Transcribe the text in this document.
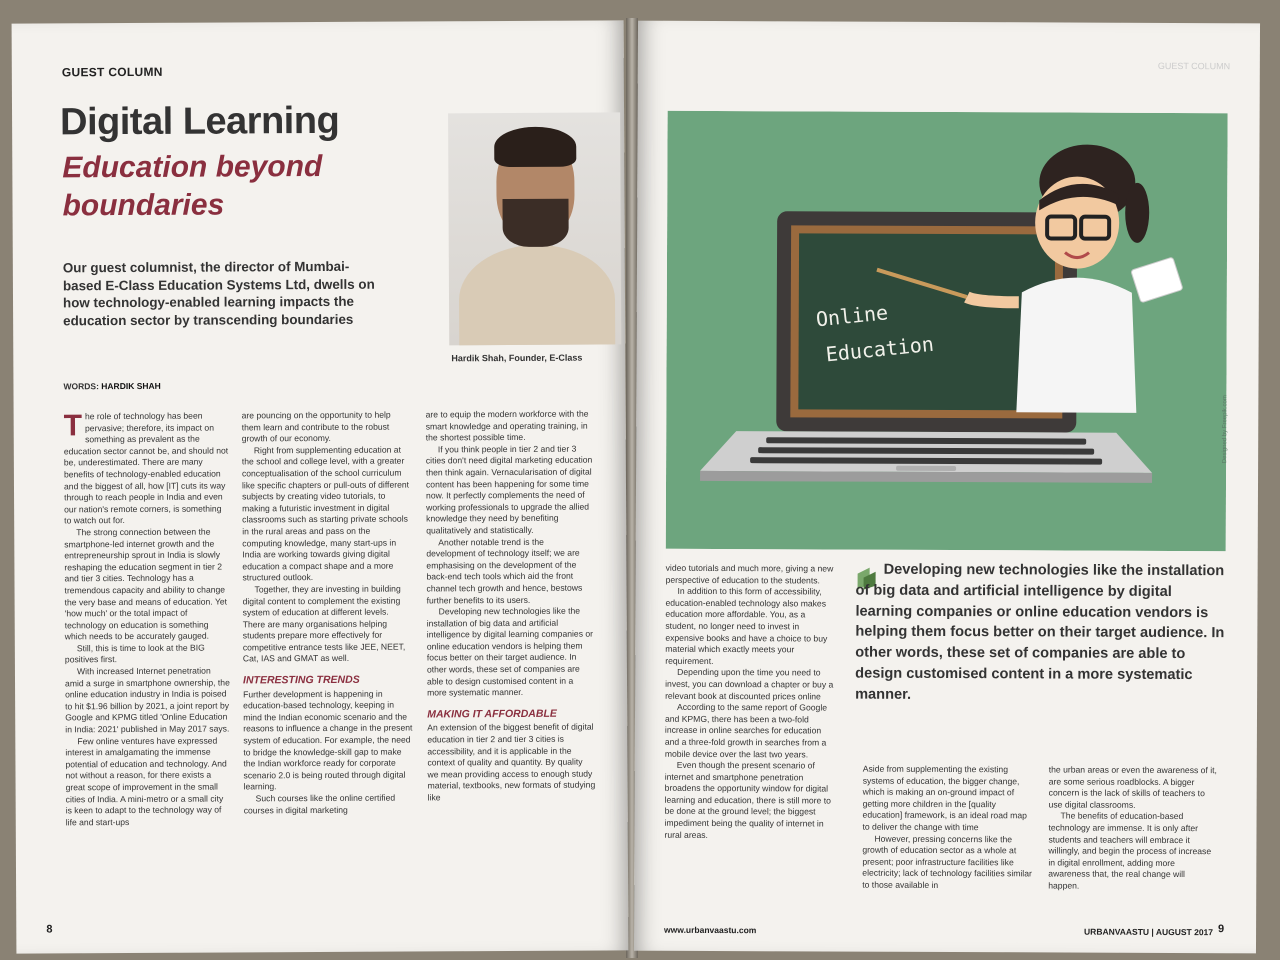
GUEST COLUMN
Digital Learning
Education beyond boundaries
Our guest columnist, the director of Mumbai-based E-Class Education Systems Ltd, dwells on how technology-enabled learning impacts the education sector by transcending boundaries
Hardik Shah, Founder, E-Class
WORDS: HARDIK SHAH

The role of technology has been pervasive; therefore, its impact on something as prevalent as the education sector cannot be, and should not be, underestimated. There are many benefits of technology-enabled education and the biggest of all, how [IT] cuts its way through to reach people in India and even our nation's remote corners, is something to watch out for.

The strong connection between the smartphone-led internet growth and the entrepreneurship sprout in India is slowly reshaping the education segment in tier 2 and tier 3 cities. Technology has a tremendous capacity and ability to change the very base and means of education. Yet 'how much' or the total impact of technology on education is something which needs to be accurately gauged.

Still, this is time to look at the BIG positives first.

With increased Internet penetration amid a surge in smartphone ownership, the online education industry in India is poised to hit $1.96 billion by 2021, a joint report by Google and KPMG titled 'Online Education in India: 2021' published in May 2017 says.

Few online ventures have expressed interest in amalgamating the immense potential of education and technology. And not without a reason, for there exists a great scope of improvement in the small cities of India. A mini-metro or a small city is keen to adapt to the technology way of life and start-ups

are pouncing on the opportunity to help them learn and contribute to the robust growth of our economy.

Right from supplementing education at the school and college level, with a greater conceptualisation of the school curriculum like specific chapters or pull-outs of different subjects by creating video tutorials, to making a futuristic investment in digital classrooms such as starting private schools in the rural areas and pass on the computing knowledge, many start-ups in India are working towards giving digital education a compact shape and a more structured outlook.

Together, they are investing in building digital content to complement the existing system of education at different levels. There are many organisations helping students prepare more effectively for competitive entrance tests like JEE, NEET, Cat, IAS and GMAT as well.

INTERESTING TRENDS

Further development is happening in education-based technology, keeping in mind the Indian economic scenario and the reasons to influence a change in the present system of education. For example, the need to bridge the knowledge-skill gap to make the Indian workforce ready for corporate scenario 2.0 is being routed through digital learning.

Such courses like the online certified courses in digital marketing

are to equip the modern workforce with the smart knowledge and operating training, in the shortest possible time.

If you think people in tier 2 and tier 3 cities don't need digital marketing education then think again. Vernacularisation of digital content has been happening for some time now. It perfectly complements the need of working professionals to upgrade the allied knowledge they need by benefiting qualitatively and statistically.

Another notable trend is the development of technology itself; we are emphasising on the development of the back-end tech tools which aid the front channel tech growth and hence, bestows further benefits to its users.

Developing new technologies like the installation of big data and artificial intelligence by digital learning companies or online education vendors is helping them focus better on their target audience. In other words, these set of companies are able to design customised content in a more systematic manner.

MAKING IT AFFORDABLE

An extension of the biggest benefit of digital education in tier 2 and tier 3 cities is accessibility, and it is applicable in the context of quality and quantity. By quality we mean providing access to enough study material, textbooks, new formats of studying like

8
GUEST COLUMN
Online
Education
Designed by Freepik.com

video tutorials and much more, giving a new perspective of education to the students.

In addition to this form of accessibility, education-enabled technology also makes education more affordable. You, as a student, no longer need to invest in expensive books and have a choice to buy material which exactly meets your requirement.

Depending upon the time you need to invest, you can download a chapter or buy a relevant book at discounted prices online

According to the same report of Google and KPMG, there has been a two-fold increase in online searches for education and a three-fold growth in searches from a mobile device over the last two years.

Even though the present scenario of internet and smartphone penetration broadens the opportunity window for digital learning and education, there is still more to be done at the ground level; the biggest impediment being the quality of internet in rural areas.

Developing new technologies like the installation of big data and artificial intelligence by digital learning companies or online education vendors is helping them focus better on their target audience. In other words, these set of companies are able to design customised content in a more systematic manner.

Aside from supplementing the existing systems of education, the bigger change, which is making an on-ground impact of getting more children in the [quality education] framework, is an ideal road map to deliver the change with time

However, pressing concerns like the growth of education sector as a whole at present; poor infrastructure facilities like electricity; lack of technology facilities similar to those available in

the urban areas or even the awareness of it, are some serious roadblocks. A bigger concern is the lack of skills of teachers to use digital classrooms.

The benefits of education-based technology are immense. It is only after students and teachers will embrace it willingly, and begin the process of increase in digital enrollment, adding more awareness that, the real change will happen.

www.urbanvaastu.com	URBANVAASTU | AUGUST 2017 9
